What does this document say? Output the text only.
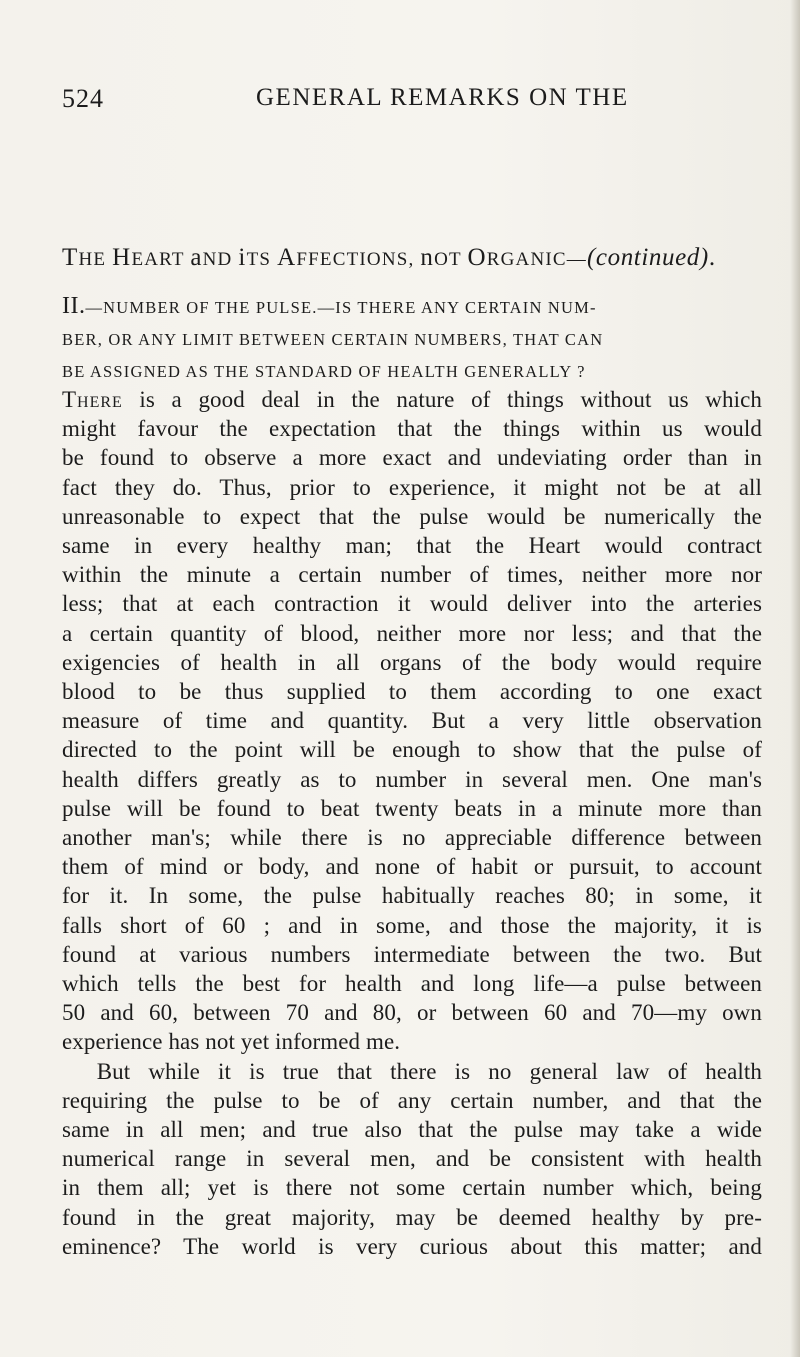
524	GENERAL REMARKS ON THE
THE HEART aND iTS AFFECTIONS, nOT ORGANIC—(continued).
II.—NUMBER OF THE PULSE.—IS THERE ANY CERTAIN NUM-
BER, OR ANY LIMIT BETWEEN CERTAIN NUMBERS, THAT CAN
BE ASSIGNED AS THE STANDARD OF HEALTH GENERALLY ?
There is a good deal in the nature of things without us which
might favour the expectation that the things within us would
be found to observe a more exact and undeviating order than in
fact they do. Thus, prior to experience, it might not be at all
unreasonable to expect that the pulse would be numerically the
same in every healthy man; that the Heart would contract
within the minute a certain number of times, neither more nor
less; that at each contraction it would deliver into the arteries
a certain quantity of blood, neither more nor less; and that the
exigencies of health in all organs of the body would require
blood to be thus supplied to them according to one exact
measure of time and quantity. But a very little observation
directed to the point will be enough to show that the pulse of
health differs greatly as to number in several men. One man's
pulse will be found to beat twenty beats in a minute more than
another man's; while there is no appreciable difference between
them of mind or body, and none of habit or pursuit, to account
for it. In some, the pulse habitually reaches 80; in some, it
falls short of 60 ; and in some, and those the majority, it is
found at various numbers intermediate between the two. But
which tells the best for health and long life—a pulse between
50 and 60, between 70 and 80, or between 60 and 70—my own
experience has not yet informed me.
  But while it is true that there is no general law of health
requiring the pulse to be of any certain number, and that the
same in all men; and true also that the pulse may take a wide
numerical range in several men, and be consistent with health
in them all; yet is there not some certain number which, being
found in the great majority, may be deemed healthy by pre-
eminence? The world is very curious about this matter; and
